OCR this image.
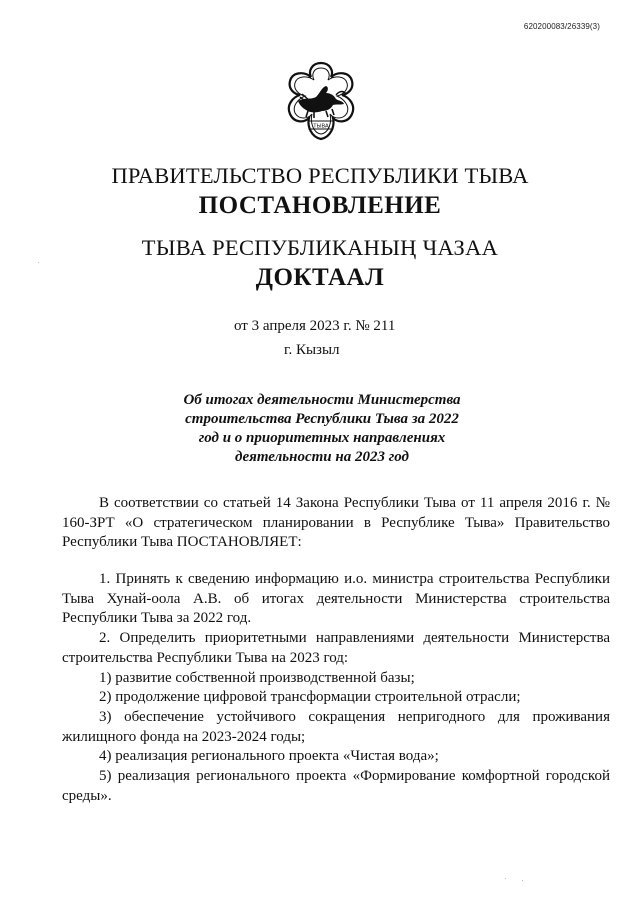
620200083/26339(3)
ТЫВА
ПРАВИТЕЛЬСТВО РЕСПУБЛИКИ ТЫВА
ПОСТАНОВЛЕНИЕ
ТЫВА РЕСПУБЛИКАНЫҢ ЧАЗАА
ДОКТААЛ
от 3 апреля 2023 г. № 211
г. Кызыл
Об итогах деятельности Министерства
строительства Республики Тыва за 2022
год и о приоритетных направлениях
деятельности на 2023 год

В соответствии со статьей 14 Закона Республики Тыва от 11 апреля 2016 г. № 160-ЗРТ «О стратегическом планировании в Республике Тыва» Правительство Республики Тыва ПОСТАНОВЛЯЕТ:

1. Принять к сведению информацию и.о. министра строительства Республики Тыва Хунай-оола А.В. об итогах деятельности Министерства строительства Республики Тыва за 2022 год.

2. Определить приоритетными направлениями деятельности Министерства строительства Республики Тыва на 2023 год:

1) развитие собственной производственной базы;

2) продолжение цифровой трансформации строительной отрасли;

3) обеспечение устойчивого сокращения непригодного для проживания жилищного фонда на 2023-2024 годы;

4) реализация регионального проекта «Чистая вода»;

5) реализация регионального проекта «Формирование комфортной городской среды».
